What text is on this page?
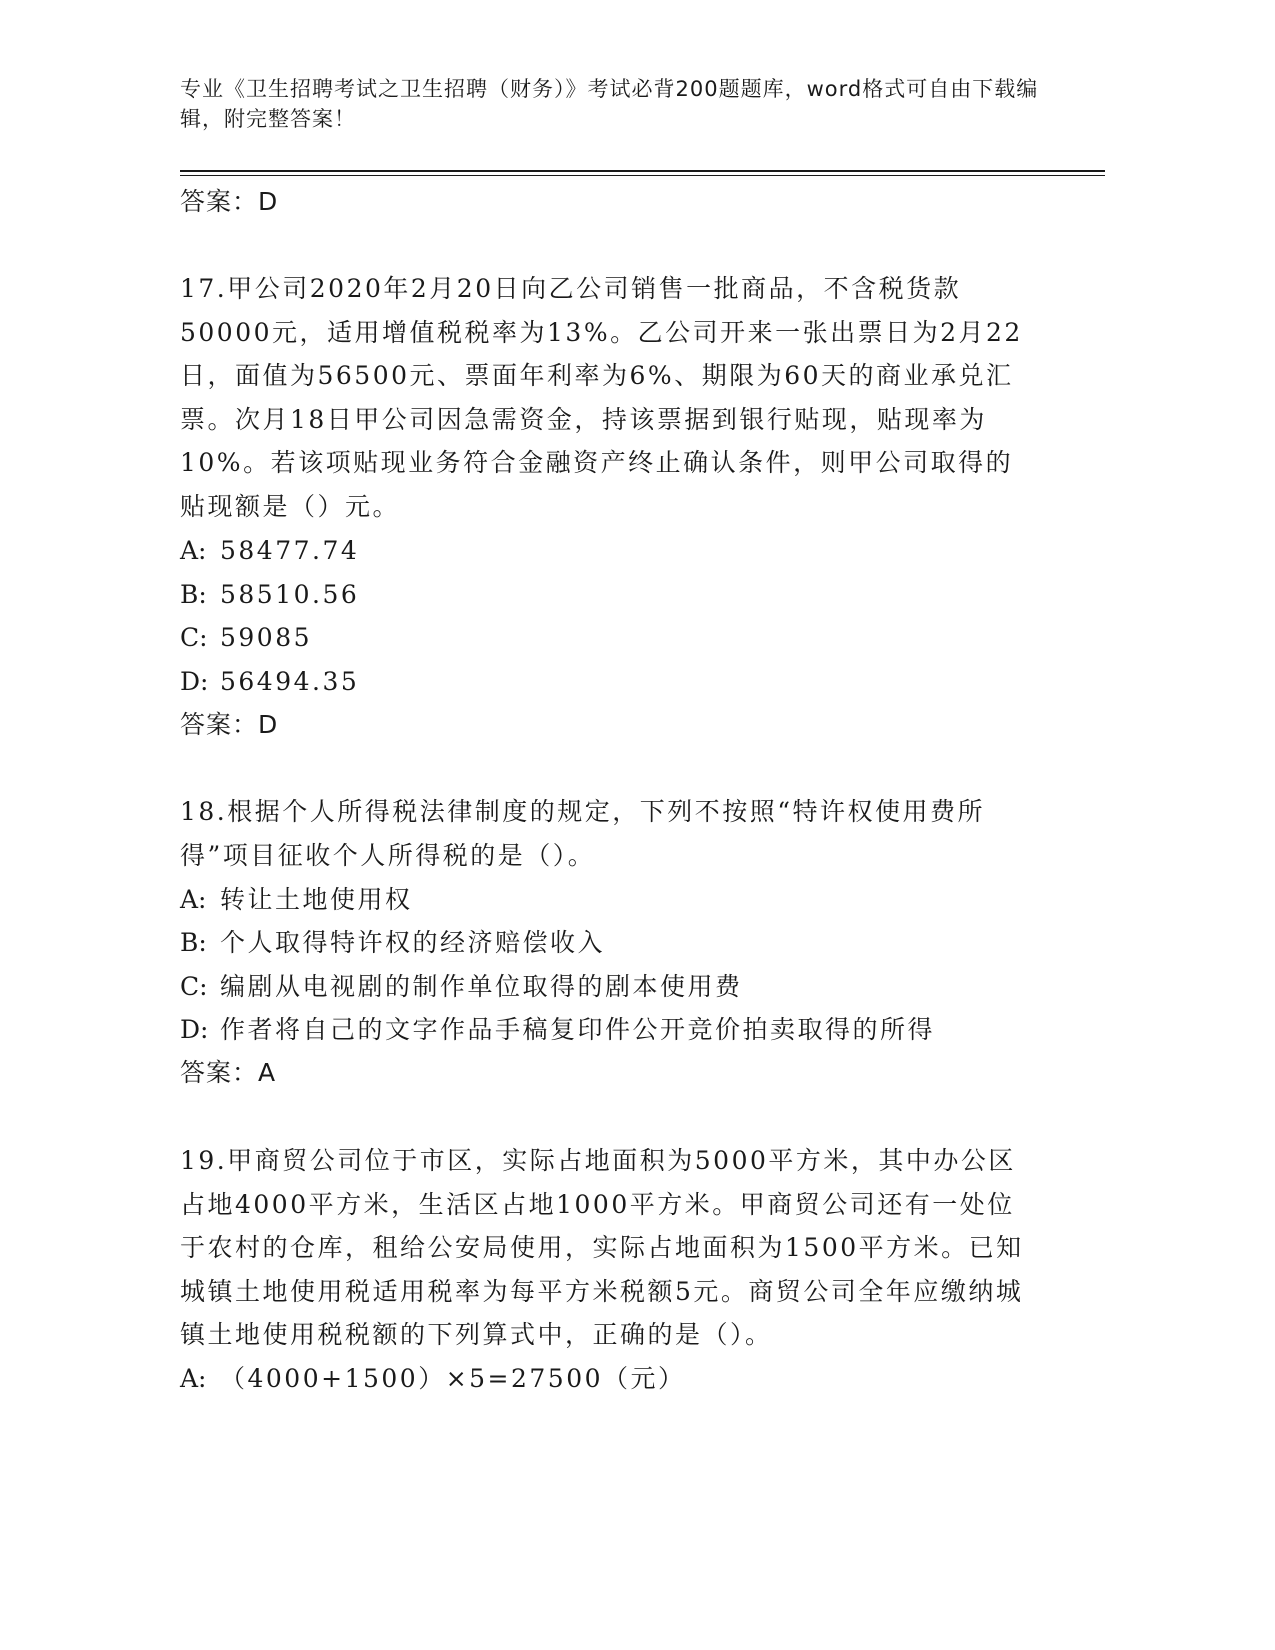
专业《卫生招聘考试之卫生招聘（财务）》考试必背200题题库，word格式可自由下载编辑，附完整答案！
答案：D
17.甲公司2020年2月20日向乙公司销售一批商品，不含税货款50000元，适用增值税税率为13%。乙公司开来一张出票日为2月22日，面值为56500元、票面年利率为6%、期限为60天的商业承兑汇票。次月18日甲公司因急需资金，持该票据到银行贴现，贴现率为10%。若该项贴现业务符合金融资产终止确认条件，则甲公司取得的贴现额是（）元。
A: 58477.74
B: 58510.56
C: 59085
D: 56494.35
答案：D
18.根据个人所得税法律制度的规定，下列不按照“特许权使用费所得”项目征收个人所得税的是（）。
A: 转让土地使用权
B: 个人取得特许权的经济赔偿收入
C: 编剧从电视剧的制作单位取得的剧本使用费
D: 作者将自己的文字作品手稿复印件公开竞价拍卖取得的所得
答案：A
19.甲商贸公司位于市区，实际占地面积为5000平方米，其中办公区占地4000平方米，生活区占地1000平方米。甲商贸公司还有一处位于农村的仓库，租给公安局使用，实际占地面积为1500平方米。已知城镇土地使用税适用税率为每平方米税额5元。商贸公司全年应缴纳城镇土地使用税税额的下列算式中，正确的是（）。
A: （4000+1500）×5=27500（元）
